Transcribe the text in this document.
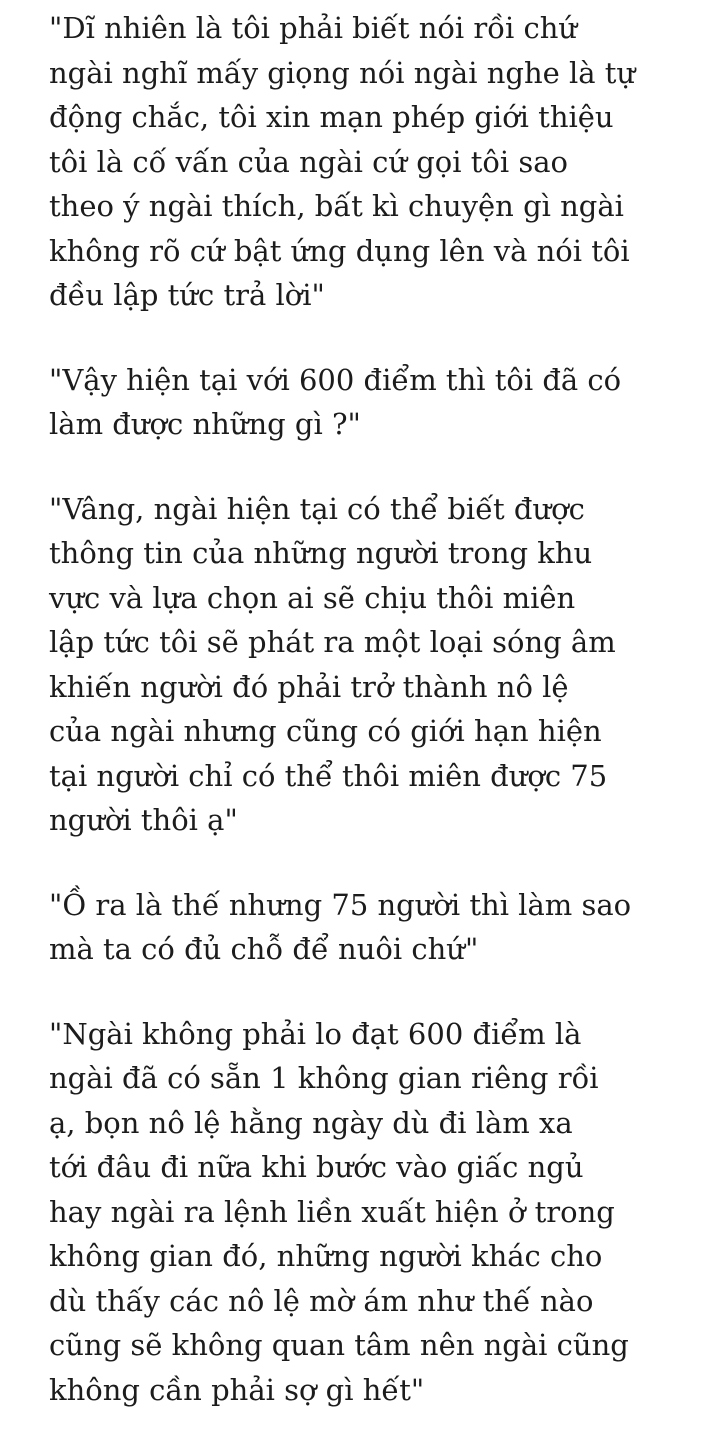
"Dĩ nhiên là tôi phải biết nói rồi chứ
ngài nghĩ mấy giọng nói ngài nghe là tự
động chắc, tôi xin mạn phép giới thiệu
tôi là cố vấn của ngài cứ gọi tôi sao
theo ý ngài thích, bất kì chuyện gì ngài
không rõ cứ bật ứng dụng lên và nói tôi
đều lập tức trả lời"

"Vậy hiện tại với 600 điểm thì tôi đã có
làm được những gì ?"

"Vâng, ngài hiện tại có thể biết được
thông tin của những người trong khu
vực và lựa chọn ai sẽ chịu thôi miên
lập tức tôi sẽ phát ra một loại sóng âm
khiến người đó phải trở thành nô lệ
của ngài nhưng cũng có giới hạn hiện
tại người chỉ có thể thôi miên được 75
người thôi ạ"

"Ồ ra là thế nhưng 75 người thì làm sao
mà ta có đủ chỗ để nuôi chứ"

"Ngài không phải lo đạt 600 điểm là
ngài đã có sẵn 1 không gian riêng rồi
ạ, bọn nô lệ hằng ngày dù đi làm xa
tới đâu đi nữa khi bước vào giấc ngủ
hay ngài ra lệnh liền xuất hiện ở trong
không gian đó, những người khác cho
dù thấy các nô lệ mờ ám như thế nào
cũng sẽ không quan tâm nên ngài cũng
không cần phải sợ gì hết"
